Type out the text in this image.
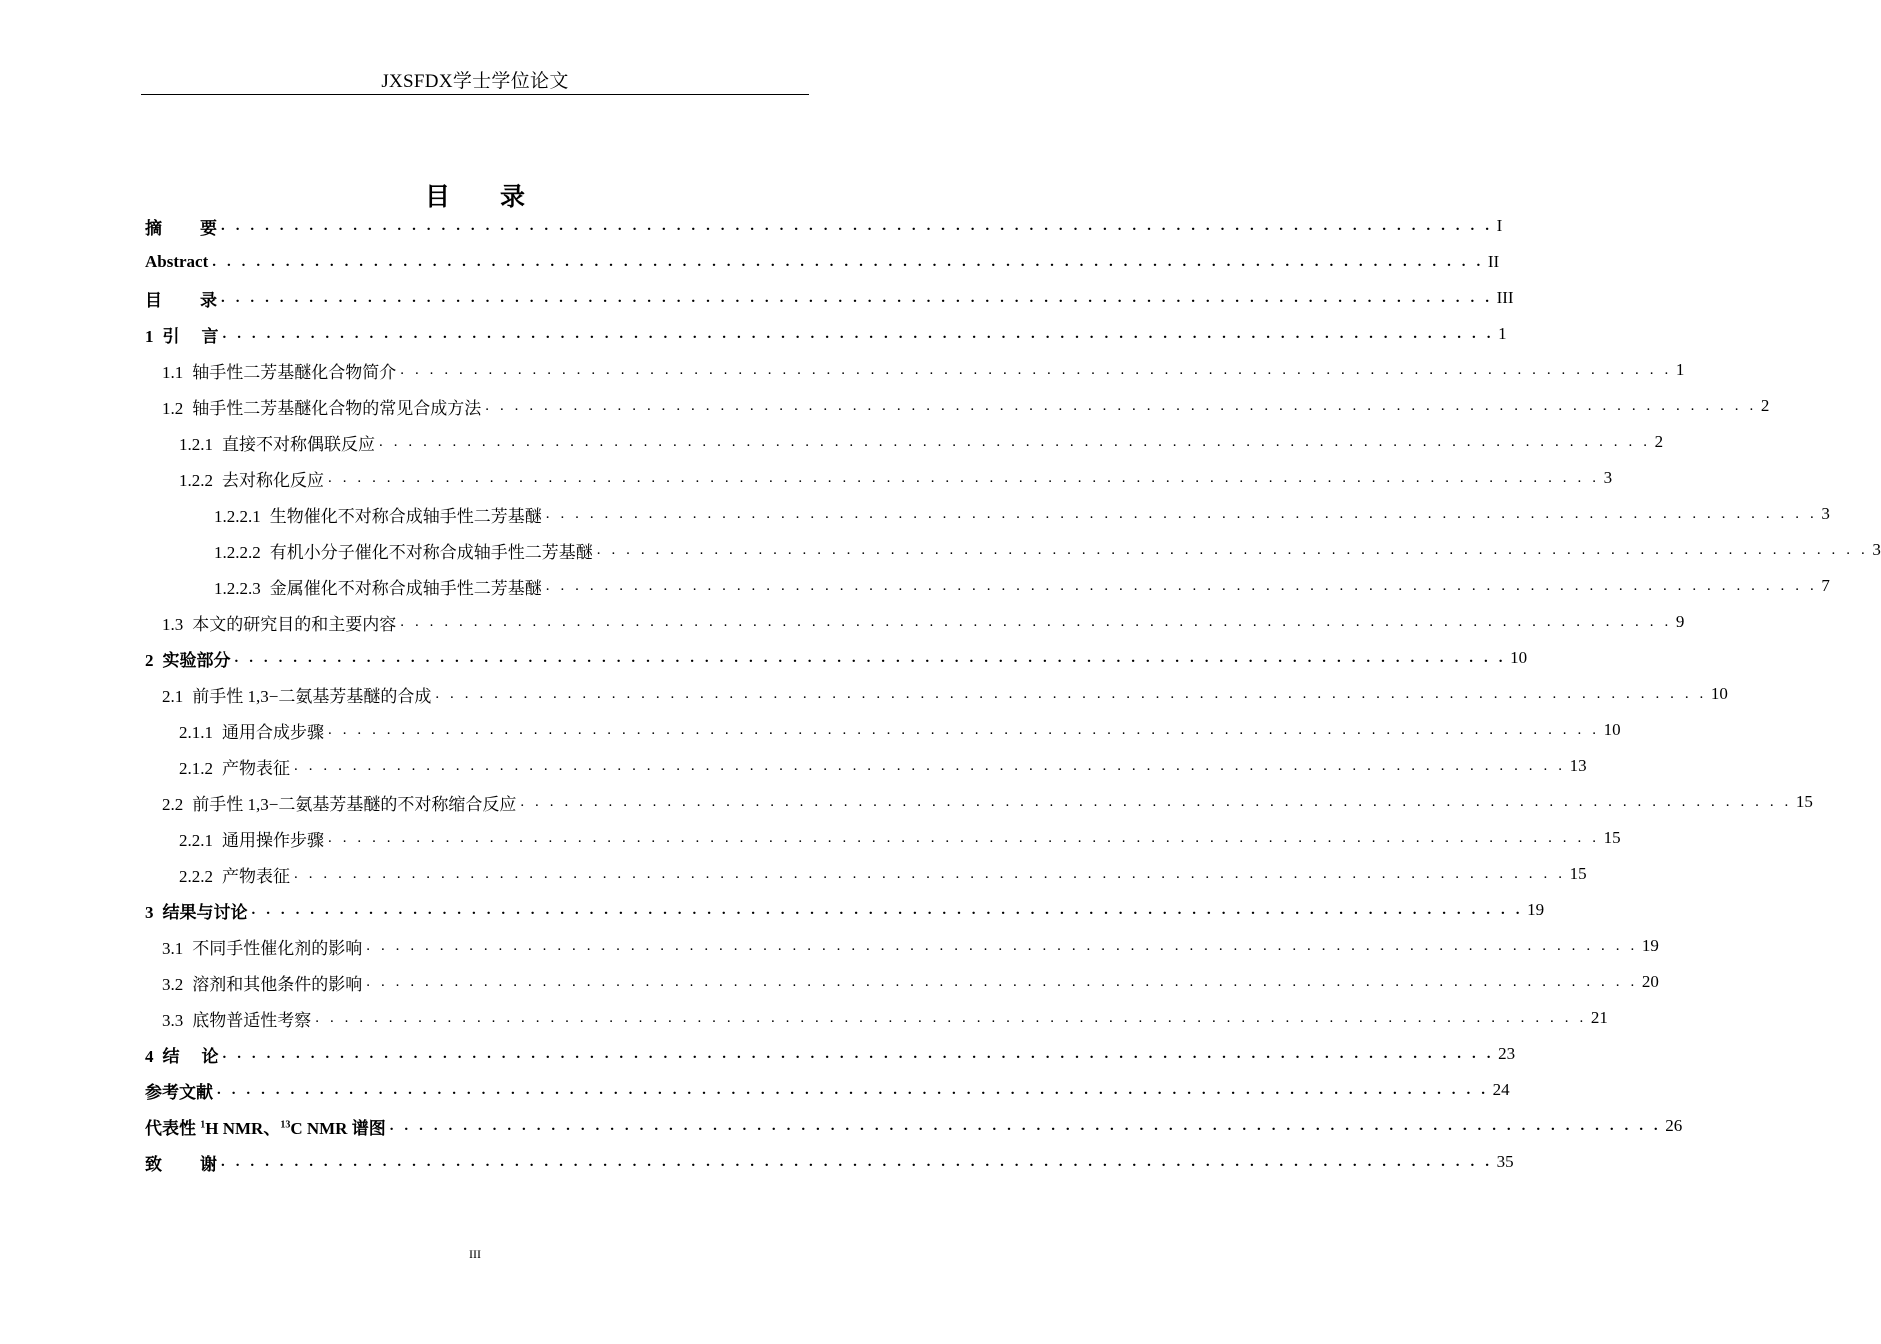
JXSFDX学士学位论文
目 录
摘 要 . . . . . . . . . . . . . . . . . . . . . . . . . . . . . . . . . . . . . . . . . . . . . . . . . . . . . . . . . . . . . . . . . . . . . . . . . . . . . . . . . . . . . . . I
Abstract . . . . . . . . . . . . . . . . . . . . . . . . . . . . . . . . . . . . . . . . . . . . . . . . . . . . . . . . . . . . . . . . . . . . . . . . . . . . . . . . . . . . . . . II
目 录 . . . . . . . . . . . . . . . . . . . . . . . . . . . . . . . . . . . . . . . . . . . . . . . . . . . . . . . . . . . . . . . . . . . . . . . . . . . . . . . . . . . . . . . III
1 引 言 . . . . . . . . . . . . . . . . . . . . . . . . . . . . . . . . . . . . . . . . . . . . . . . . . . . . . . . . . . . . . . . . . . . . . . . . . . . . . . . . . . . . . . . 1
1.1 轴手性二芳基醚化合物简介 . . . . . . . . . . . . . . . . . . . . . . . . . . . . . . . . . . . . . . . . . . . . . . . . . . . . . . . . . . . . . . . . . . . . . . . . . . . . . . . . . . . . . . . 1
1.2 轴手性二芳基醚化合物的常见合成方法 . . . . . . . . . . . . . . . . . . . . . . . . . . . . . . . . . . . . . . . . . . . . . . . . . . . . . . . . . . . . . . . . . . . . . . . . . . . . . . . . . . . . . . . 2
1.2.1 直接不对称偶联反应 . . . . . . . . . . . . . . . . . . . . . . . . . . . . . . . . . . . . . . . . . . . . . . . . . . . . . . . . . . . . . . . . . . . . . . . . . . . . . . . . . . . . . . . 2
1.2.2 去对称化反应 . . . . . . . . . . . . . . . . . . . . . . . . . . . . . . . . . . . . . . . . . . . . . . . . . . . . . . . . . . . . . . . . . . . . . . . . . . . . . . . . . . . . . . . 3
1.2.2.1 生物催化不对称合成轴手性二芳基醚 . . . . . . . . . . . . . . . . . . . . . . . . . . . . . . . . . . . . . . . . . . . . . . . . . . . . . . . . . . . . . . . . . . . . . . . . . . . . . . . . . . . . . . . 3
1.2.2.2 有机小分子催化不对称合成轴手性二芳基醚 . . . . . . . . . . . . . . . . . . . . . . . . . . . . . . . . . . . . . . . . . . . . . . . . . . . . . . . . . . . . . . . . . . . . . . . . . . . . . . . . . . . . . . . 3
1.2.2.3 金属催化不对称合成轴手性二芳基醚 . . . . . . . . . . . . . . . . . . . . . . . . . . . . . . . . . . . . . . . . . . . . . . . . . . . . . . . . . . . . . . . . . . . . . . . . . . . . . . . . . . . . . . . 7
1.3 本文的研究目的和主要内容 . . . . . . . . . . . . . . . . . . . . . . . . . . . . . . . . . . . . . . . . . . . . . . . . . . . . . . . . . . . . . . . . . . . . . . . . . . . . . . . . . . . . . . . 9
2 实验部分 . . . . . . . . . . . . . . . . . . . . . . . . . . . . . . . . . . . . . . . . . . . . . . . . . . . . . . . . . . . . . . . . . . . . . . . . . . . . . . . . . . . . . . . 10
2.1 前手性 1,3−二氨基芳基醚的合成 . . . . . . . . . . . . . . . . . . . . . . . . . . . . . . . . . . . . . . . . . . . . . . . . . . . . . . . . . . . . . . . . . . . . . . . . . . . . . . . . . . . . . . . 10
2.1.1 通用合成步骤 . . . . . . . . . . . . . . . . . . . . . . . . . . . . . . . . . . . . . . . . . . . . . . . . . . . . . . . . . . . . . . . . . . . . . . . . . . . . . . . . . . . . . . . 10
2.1.2 产物表征 . . . . . . . . . . . . . . . . . . . . . . . . . . . . . . . . . . . . . . . . . . . . . . . . . . . . . . . . . . . . . . . . . . . . . . . . . . . . . . . . . . . . . . . 13
2.2 前手性 1,3−二氨基芳基醚的不对称缩合反应 . . . . . . . . . . . . . . . . . . . . . . . . . . . . . . . . . . . . . . . . . . . . . . . . . . . . . . . . . . . . . . . . . . . . . . . . . . . . . . . . . . . . . . . 15
2.2.1 通用操作步骤 . . . . . . . . . . . . . . . . . . . . . . . . . . . . . . . . . . . . . . . . . . . . . . . . . . . . . . . . . . . . . . . . . . . . . . . . . . . . . . . . . . . . . . . 15
2.2.2 产物表征 . . . . . . . . . . . . . . . . . . . . . . . . . . . . . . . . . . . . . . . . . . . . . . . . . . . . . . . . . . . . . . . . . . . . . . . . . . . . . . . . . . . . . . . 15
3 结果与讨论 . . . . . . . . . . . . . . . . . . . . . . . . . . . . . . . . . . . . . . . . . . . . . . . . . . . . . . . . . . . . . . . . . . . . . . . . . . . . . . . . . . . . . . . 19
3.1 不同手性催化剂的影响 . . . . . . . . . . . . . . . . . . . . . . . . . . . . . . . . . . . . . . . . . . . . . . . . . . . . . . . . . . . . . . . . . . . . . . . . . . . . . . . . . . . . . . . 19
3.2 溶剂和其他条件的影响 . . . . . . . . . . . . . . . . . . . . . . . . . . . . . . . . . . . . . . . . . . . . . . . . . . . . . . . . . . . . . . . . . . . . . . . . . . . . . . . . . . . . . . . 20
3.3 底物普适性考察 . . . . . . . . . . . . . . . . . . . . . . . . . . . . . . . . . . . . . . . . . . . . . . . . . . . . . . . . . . . . . . . . . . . . . . . . . . . . . . . . . . . . . . . 21
4 结 论 . . . . . . . . . . . . . . . . . . . . . . . . . . . . . . . . . . . . . . . . . . . . . . . . . . . . . . . . . . . . . . . . . . . . . . . . . . . . . . . . . . . . . . . 23
参考文献 . . . . . . . . . . . . . . . . . . . . . . . . . . . . . . . . . . . . . . . . . . . . . . . . . . . . . . . . . . . . . . . . . . . . . . . . . . . . . . . . . . . . . . . 24
代表性 $^1$H NMR、$^{13}$C NMR 谱图 . . . . . . . . . . . . . . . . . . . . . . . . . . . . . . . . . . . . . . . . . . . . . . . . . . . . . . . . . . . . . . . . . . . . . . . . . . . . . . . . . . . . . . . 26
致 谢 . . . . . . . . . . . . . . . . . . . . . . . . . . . . . . . . . . . . . . . . . . . . . . . . . . . . . . . . . . . . . . . . . . . . . . . . . . . . . . . . . . . . . . . 35
III
